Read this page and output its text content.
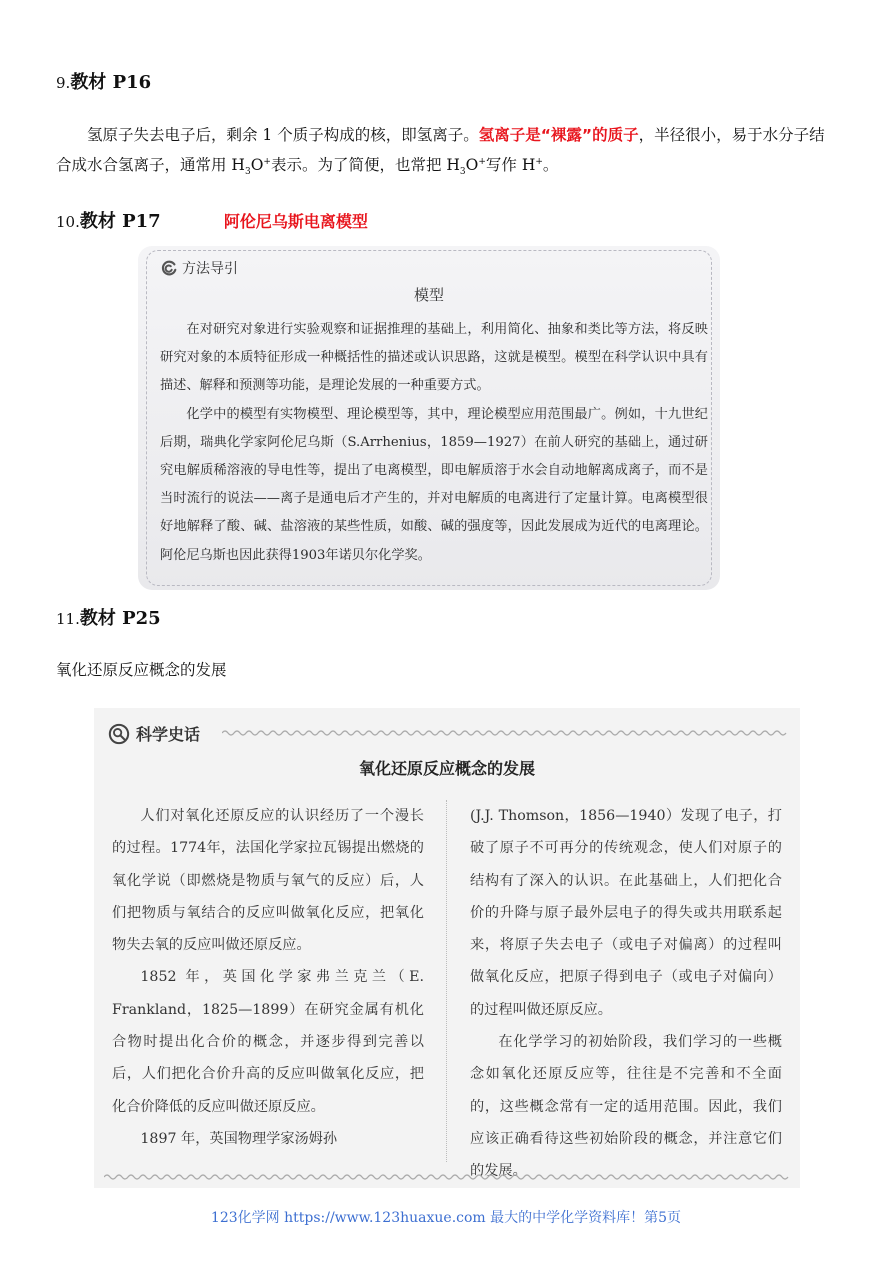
9.教材 P16

氢原子失去电子后，剩余 1 个质子构成的核，即氢离子。氢离子是“裸露”的质子，半径很小，易于水分子结合成水合氢离子，通常用 $H_3O^+$表示。为了简便，也常把 $H_3O^+$写作 H+。

10.教材 P17	阿伦尼乌斯电离模型
方法导引
模型

在对研究对象进行实验观察和证据推理的基础上，利用简化、抽象和类比等方法，将反映研究对象的本质特征形成一种概括性的描述或认识思路，这就是模型。模型在科学认识中具有描述、解释和预测等功能，是理论发展的一种重要方式。

化学中的模型有实物模型、理论模型等，其中，理论模型应用范围最广。例如，十九世纪后期，瑞典化学家阿伦尼乌斯（S.Arrhenius，1859—1927）在前人研究的基础上，通过研究电解质稀溶液的导电性等，提出了电离模型，即电解质溶于水会自动地解离成离子，而不是当时流行的说法——离子是通电后才产生的，并对电解质的电离进行了定量计算。电离模型很好地解释了酸、碱、盐溶液的某些性质，如酸、碱的强度等，因此发展成为近代的电离理论。阿伦尼乌斯也因此获得1903年诺贝尔化学奖。

11.教材 P25

氧化还原反应概念的发展

科学史话
氧化还原反应概念的发展

人们对氧化还原反应的认识经历了一个漫长的过程。1774年，法国化学家拉瓦锡提出燃烧的氧化学说（即燃烧是物质与氧气的反应）后，人们把物质与氧结合的反应叫做氧化反应，把氧化物失去氧的反应叫做还原反应。

1852 年，英国化学家弗兰克兰（E. Frankland，1825—1899）在研究金属有机化合物时提出化合价的概念，并逐步得到完善以后，人们把化合价升高的反应叫做氧化反应，把化合价降低的反应叫做还原反应。

1897 年，英国物理学家汤姆孙

(J.J. Thomson，1856—1940）发现了电子，打破了原子不可再分的传统观念，使人们对原子的结构有了深入的认识。在此基础上，人们把化合价的升降与原子最外层电子的得失或共用联系起来，将原子失去电子（或电子对偏离）的过程叫做氧化反应，把原子得到电子（或电子对偏向）的过程叫做还原反应。

在化学学习的初始阶段，我们学习的一些概念如氧化还原反应等，往往是不完善和不全面的，这些概念常有一定的适用范围。因此，我们应该正确看待这些初始阶段的概念，并注意它们的发展。

123化学网 https://www.123huaxue.com 最大的中学化学资料库！第5页
